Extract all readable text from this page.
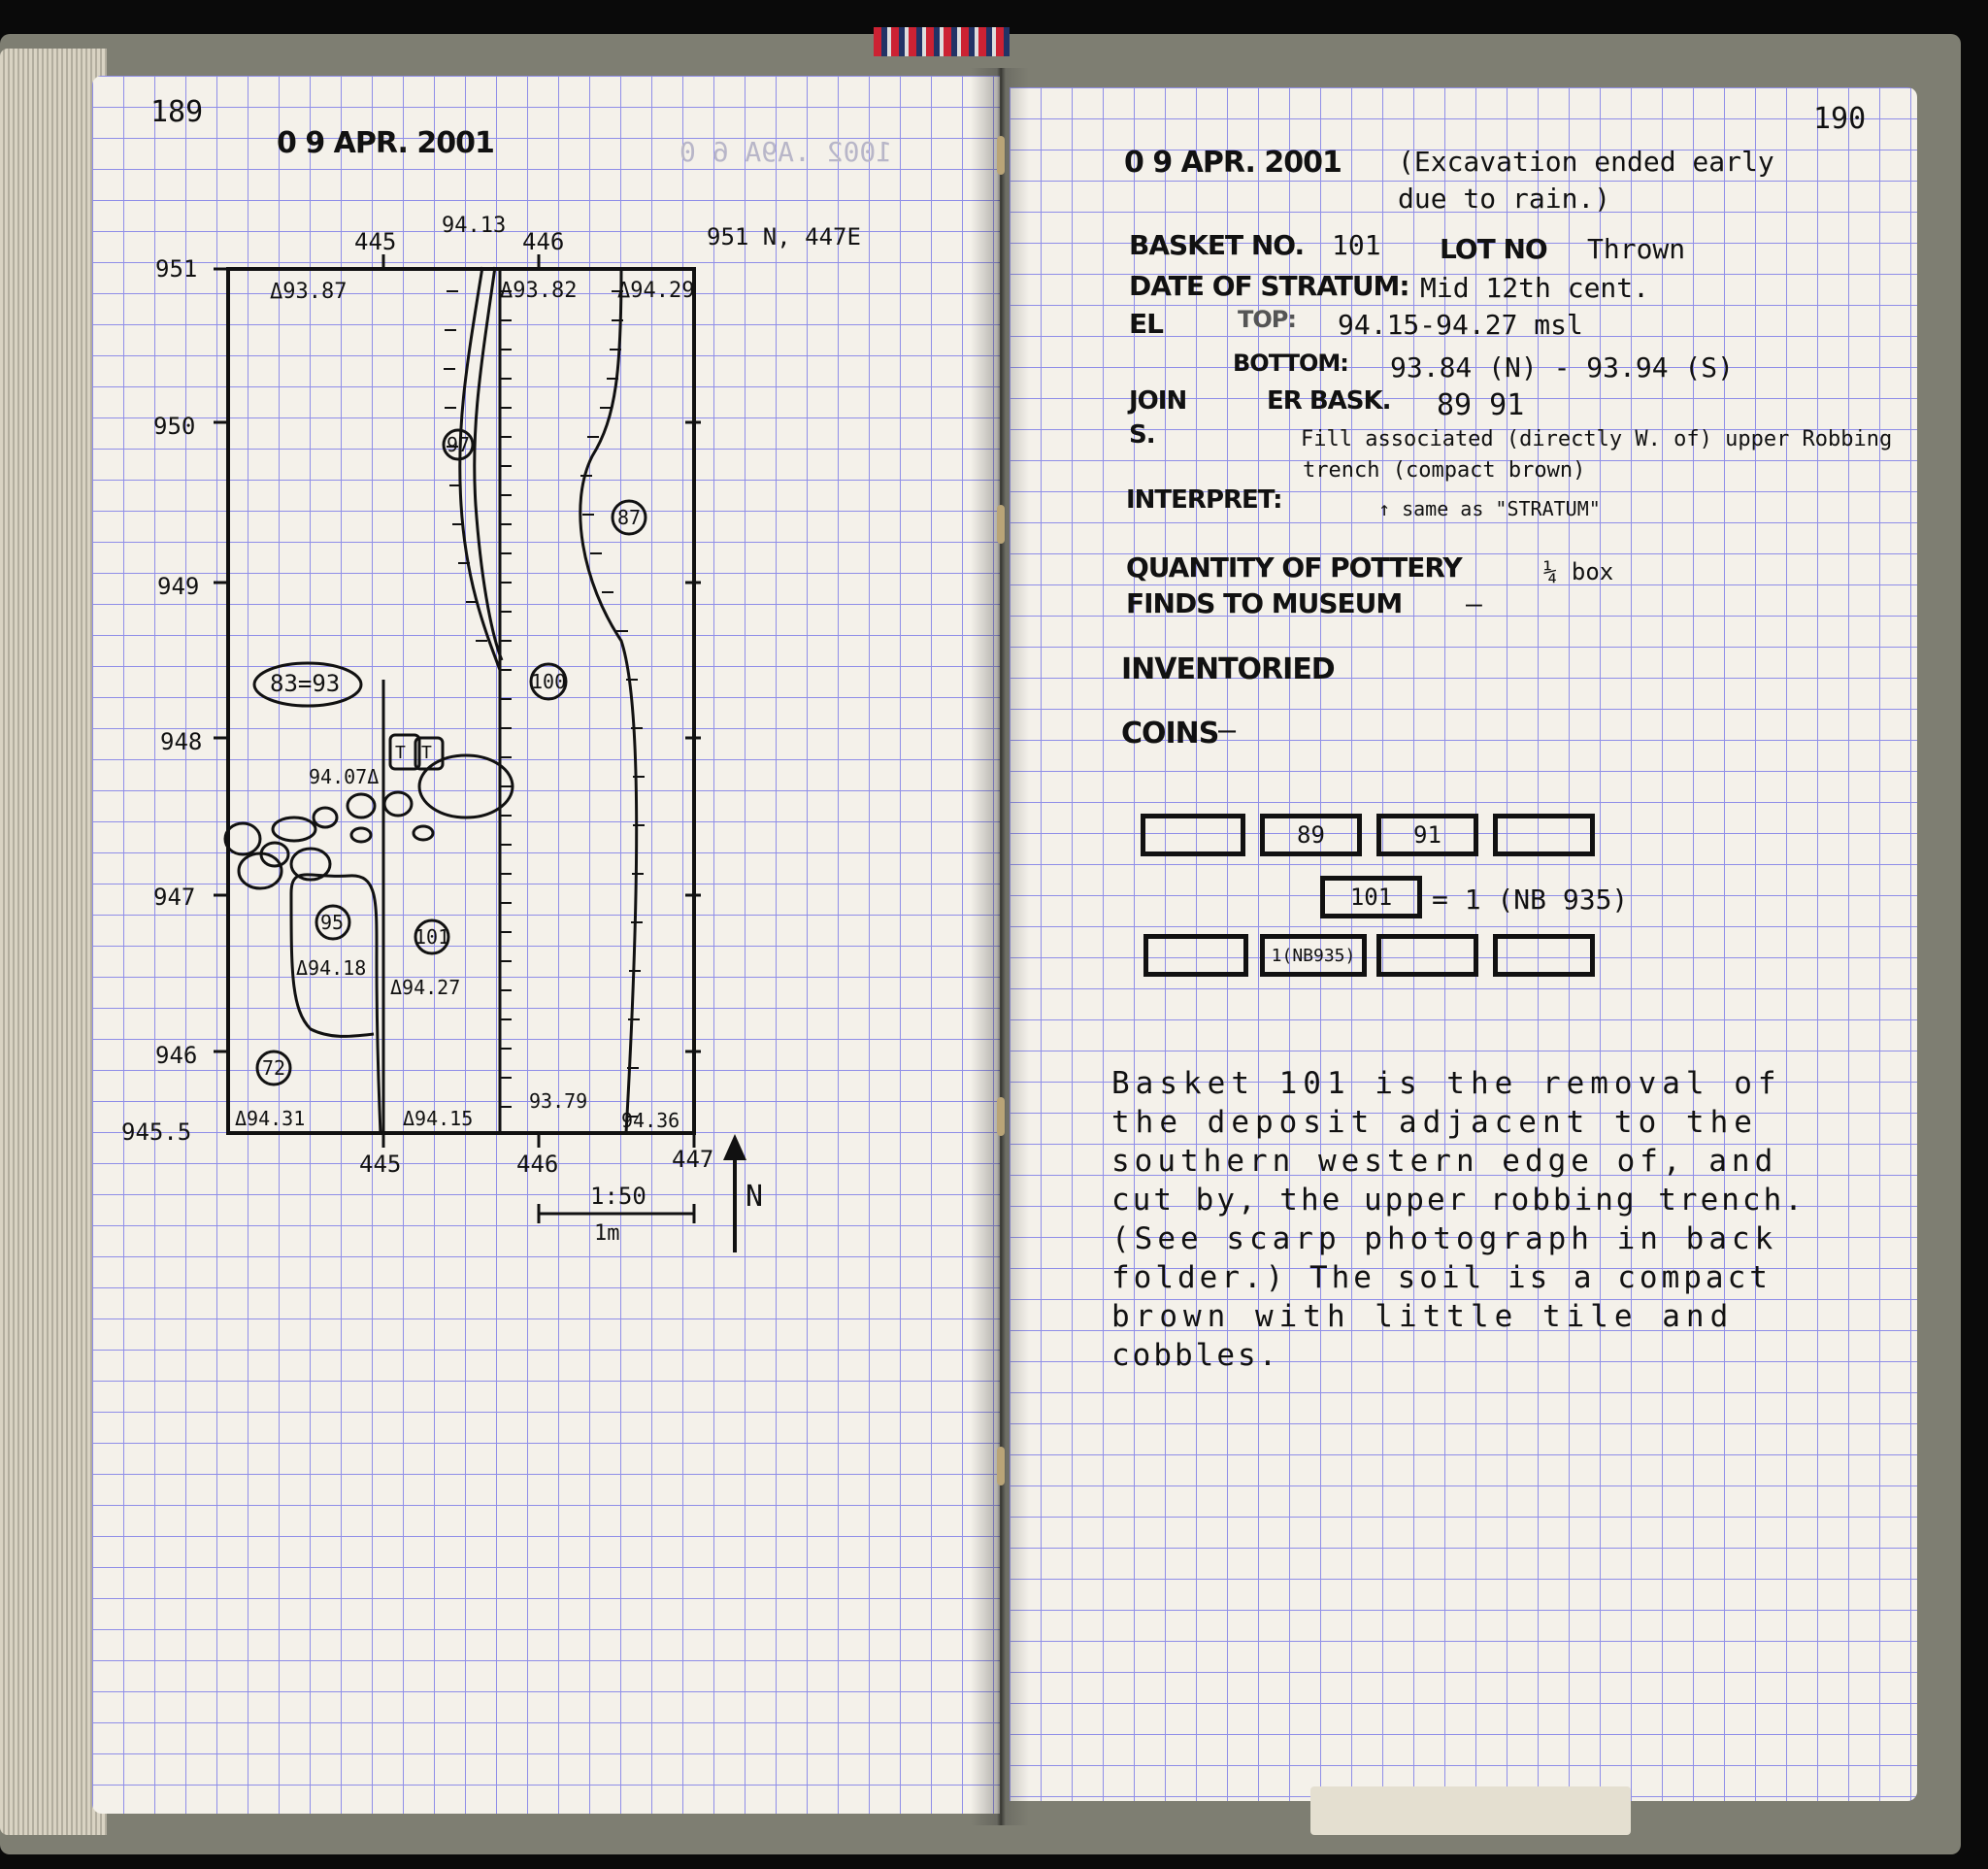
189
0 9 APR. 2001	1002 .A9A 6 0
951 N, 447E
445
94.13
446
951
950
949
948
947
946
945.5
445	446	447
Δ93.87	Δ93.82 Δ94.29
94.07Δ
Δ94.18
Δ94.27
Δ94.31	Δ94.15
93.79
94.36
97
87
100
95
101
72
83=93
T T
1:50
1m
N
190
0 9 APR. 2001 (Excavation ended early due to rain.)
BASKET NO. 101 LOT NO Thrown
DATE OF STRATUM: Mid 12th cent.
EL	TOP: 94.15-94.27 msl
BOTTOM: 93.84 (N) - 93.94 (S)
JOIN	ER BASK. 89 91
S.	Fill associated (directly W. of) upper Robbing
trench (compact brown)
INTERPRET:	↑ same as "STRATUM"
QUANTITY OF POTTERY	¼ box
FINDS TO MUSEUM —
INVENTORIED
COINS —
89	91
101	= 1 (NB 935)
1(NB935)
Basket 101 is the removal of
the deposit adjacent to the
southern western edge of, and
cut by, the upper robbing trench.
(See scarp photograph in back
folder.) The soil is a compact
brown with little tile and
cobbles.
